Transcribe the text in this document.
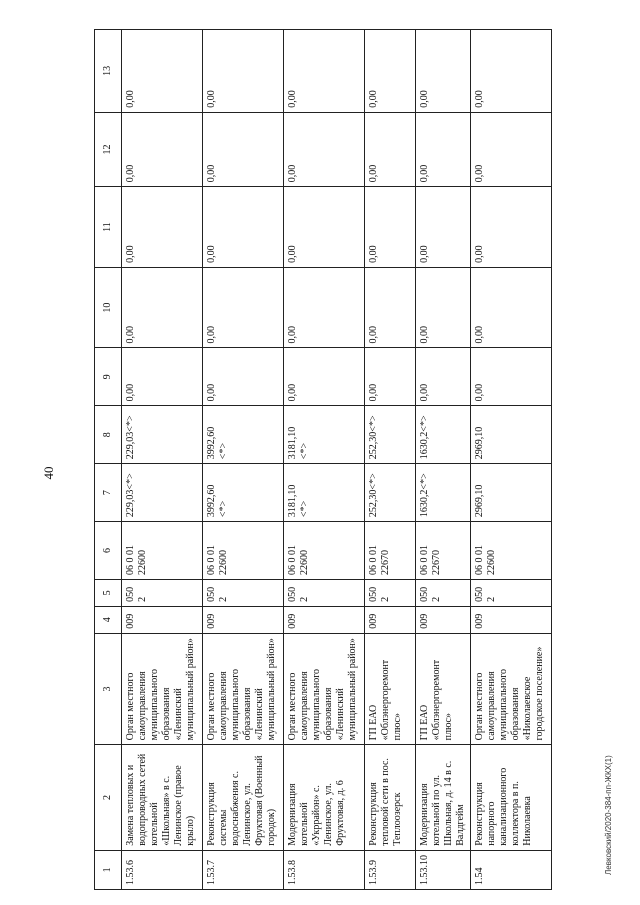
40
1	2	3	4	5	6	7	8	9	10	11	12	13
1.53.6	Замена тепловых и водопроводных сетей котельной «Школьная» в с. Ленинское (правое крыло)	Орган местного самоуправления муниципального образования «Ленинский муниципальный район»	009	0502	06 0 01 22600	229,03<*>	229,03<*>	0,00	0,00	0,00	0,00	0,00
1.53.7	Реконструкция системы водоснабжения с. Ленинское, ул. Фруктовая (Военный городок)	Орган местного самоуправления муниципального образования «Ленинский муниципальный район»	009	0502	06 0 01 22600	3992,60 <*>	3992,60 <*>	0,00	0,00	0,00	0,00	0,00
1.53.8	Модернизация котельной «Укррайон» с. Ленинское, ул. Фруктовая, д. 6	Орган местного самоуправления муниципального образования «Ленинский муниципальный район»	009	0502	06 0 01 22600	3181,10 <*>	3181,10 <*>	0,00	0,00	0,00	0,00	0,00
1.53.9	Реконструкция тепловой сети в пос. Теплоозерск	ГП ЕАО «Облэнергоремонт плюс»	009	0502	06 0 01 22670	252,30<*>	252,30<*>	0,00	0,00	0,00	0,00	0,00
1.53.10	Модернизация котельной по ул. Школьная, д. 14 в с. Валдгейм	ГП ЕАО «Облэнергоремонт плюс»	009	0502	06 0 01 22670	1630,2<*>	1630,2<*>	0,00	0,00	0,00	0,00	0,00
1.54	Реконструкция напорного канализационного коллектора в п. Николаевка	Орган местного самоуправления муниципального образования «Николаевское городское поселение»	009	0502	06 0 01 22600	2969,10	2969,10	0,00	0,00	0,00	0,00	0,00
Левковский/2020-384-пп-ЖКХ(1)
